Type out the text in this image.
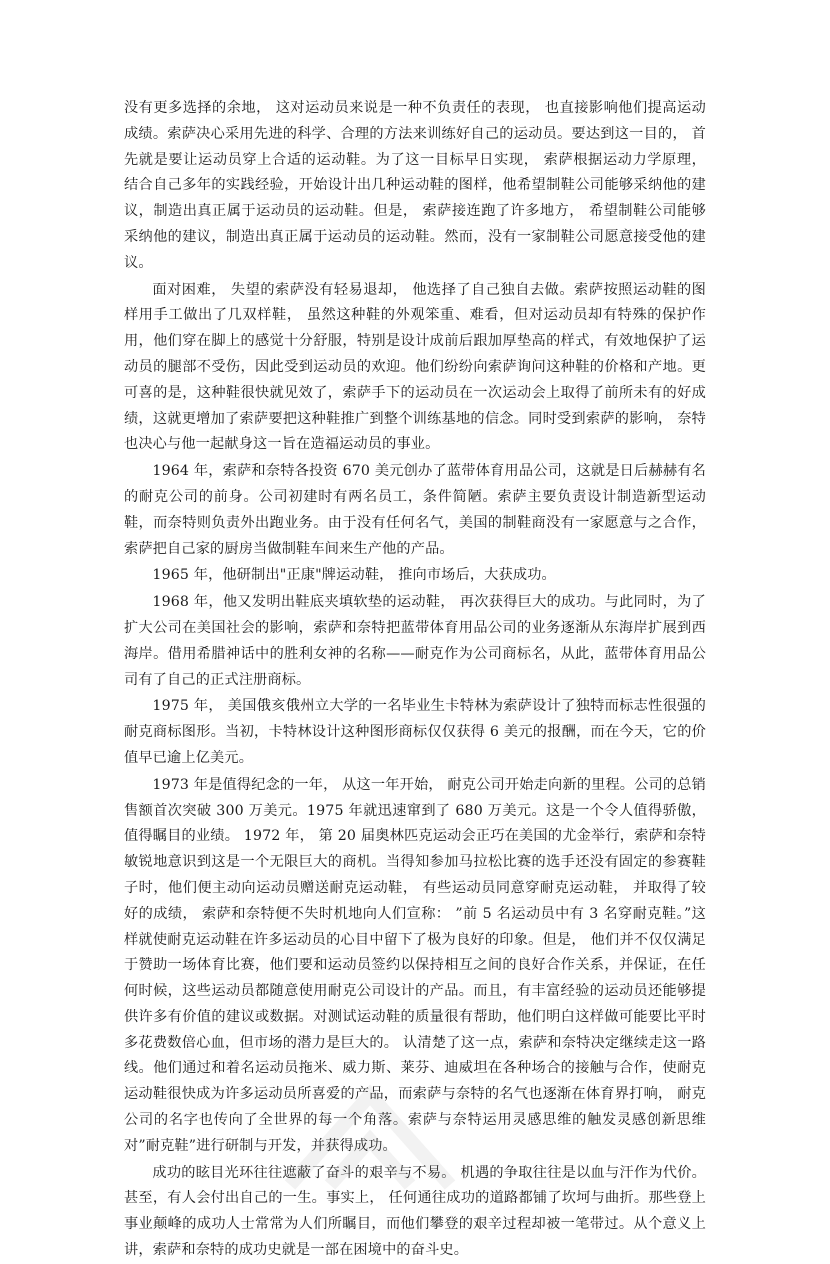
没有更多选择的余地， 这对运动员来说是一种不负责任的表现， 也直接影响他们提高运动成绩。索萨决心采用先进的科学、合理的方法来训练好自己的运动员。要达到这一目的， 首先就是要让运动员穿上合适的运动鞋。为了这一目标早日实现， 索萨根据运动力学原理， 结合自己多年的实践经验，开始设计出几种运动鞋的图样，他希望制鞋公司能够采纳他的建议，制造出真正属于运动员的运动鞋。但是， 索萨接连跑了许多地方， 希望制鞋公司能够采纳他的建议，制造出真正属于运动员的运动鞋。然而，没有一家制鞋公司愿意接受他的建议。

面对困难， 失望的索萨没有轻易退却， 他选择了自己独自去做。索萨按照运动鞋的图样用手工做出了几双样鞋， 虽然这种鞋的外观笨重、难看，但对运动员却有特殊的保护作用，他们穿在脚上的感觉十分舒服，特别是设计成前后跟加厚垫高的样式，有效地保护了运动员的腿部不受伤，因此受到运动员的欢迎。他们纷纷向索萨询问这种鞋的价格和产地。更可喜的是，这种鞋很快就见效了，索萨手下的运动员在一次运动会上取得了前所未有的好成绩，这就更增加了索萨要把这种鞋推广到整个训练基地的信念。同时受到索萨的影响， 奈特也决心与他一起献身这一旨在造福运动员的事业。

1964 年，索萨和奈特各投资 670 美元创办了蓝带体育用品公司，这就是日后赫赫有名的耐克公司的前身。公司初建时有两名员工，条件简陋。索萨主要负责设计制造新型运动鞋，而奈特则负责外出跑业务。由于没有任何名气，美国的制鞋商没有一家愿意与之合作，索萨把自己家的厨房当做制鞋车间来生产他的产品。

1965 年，他研制出"正康"牌运动鞋， 推向市场后，大获成功。

1968 年，他又发明出鞋底夹填软垫的运动鞋， 再次获得巨大的成功。与此同时，为了扩大公司在美国社会的影响，索萨和奈特把蓝带体育用品公司的业务逐渐从东海岸扩展到西海岸。借用希腊神话中的胜利女神的名称——耐克作为公司商标名，从此，蓝带体育用品公司有了自己的正式注册商标。

1975 年， 美国俄亥俄州立大学的一名毕业生卡特林为索萨设计了独特而标志性很强的耐克商标图形。当初，卡特林设计这种图形商标仅仅获得 6 美元的报酬，而在今天，它的价值早已逾上亿美元。

1973 年是值得纪念的一年， 从这一年开始， 耐克公司开始走向新的里程。公司的总销售额首次突破 300 万美元。1975 年就迅速窜到了 680 万美元。这是一个令人值得骄傲，值得瞩目的业绩。 1972 年， 第 20 届奥林匹克运动会正巧在美国的尤金举行，索萨和奈特敏锐地意识到这是一个无限巨大的商机。当得知参加马拉松比赛的选手还没有固定的参赛鞋子时，他们便主动向运动员赠送耐克运动鞋， 有些运动员同意穿耐克运动鞋， 并取得了较好的成绩， 索萨和奈特便不失时机地向人们宣称： ”前 5 名运动员中有 3 名穿耐克鞋。”这样就使耐克运动鞋在许多运动员的心目中留下了极为良好的印象。但是， 他们并不仅仅满足于赞助一场体育比赛，他们要和运动员签约以保持相互之间的良好合作关系，并保证，在任何时候，这些运动员都随意使用耐克公司设计的产品。而且，有丰富经验的运动员还能够提供许多有价值的建议或数据。对测试运动鞋的质量很有帮助，他们明白这样做可能要比平时多花费数倍心血，但市场的潜力是巨大的。 认清楚了这一点，索萨和奈特决定继续走这一路线。他们通过和着名运动员拖米、威力斯、莱芬、迪威坦在各种场合的接触与合作，使耐克运动鞋很快成为许多运动员所喜爱的产品，而索萨与奈特的名气也逐渐在体育界打响， 耐克公司的名字也传向了全世界的每一个角落。索萨与奈特运用灵感思维的触发灵感创新思维对”耐克鞋”进行研制与开发，并获得成功。

成功的眩目光环往往遮蔽了奋斗的艰辛与不易。 机遇的争取往往是以血与汗作为代价。甚至，有人会付出自己的一生。事实上， 任何通往成功的道路都铺了坎坷与曲折。那些登上事业颠峰的成功人士常常为人们所瞩目，而他们攀登的艰辛过程却被一笔带过。从个意义上讲，索萨和奈特的成功史就是一部在困境中的奋斗史。
